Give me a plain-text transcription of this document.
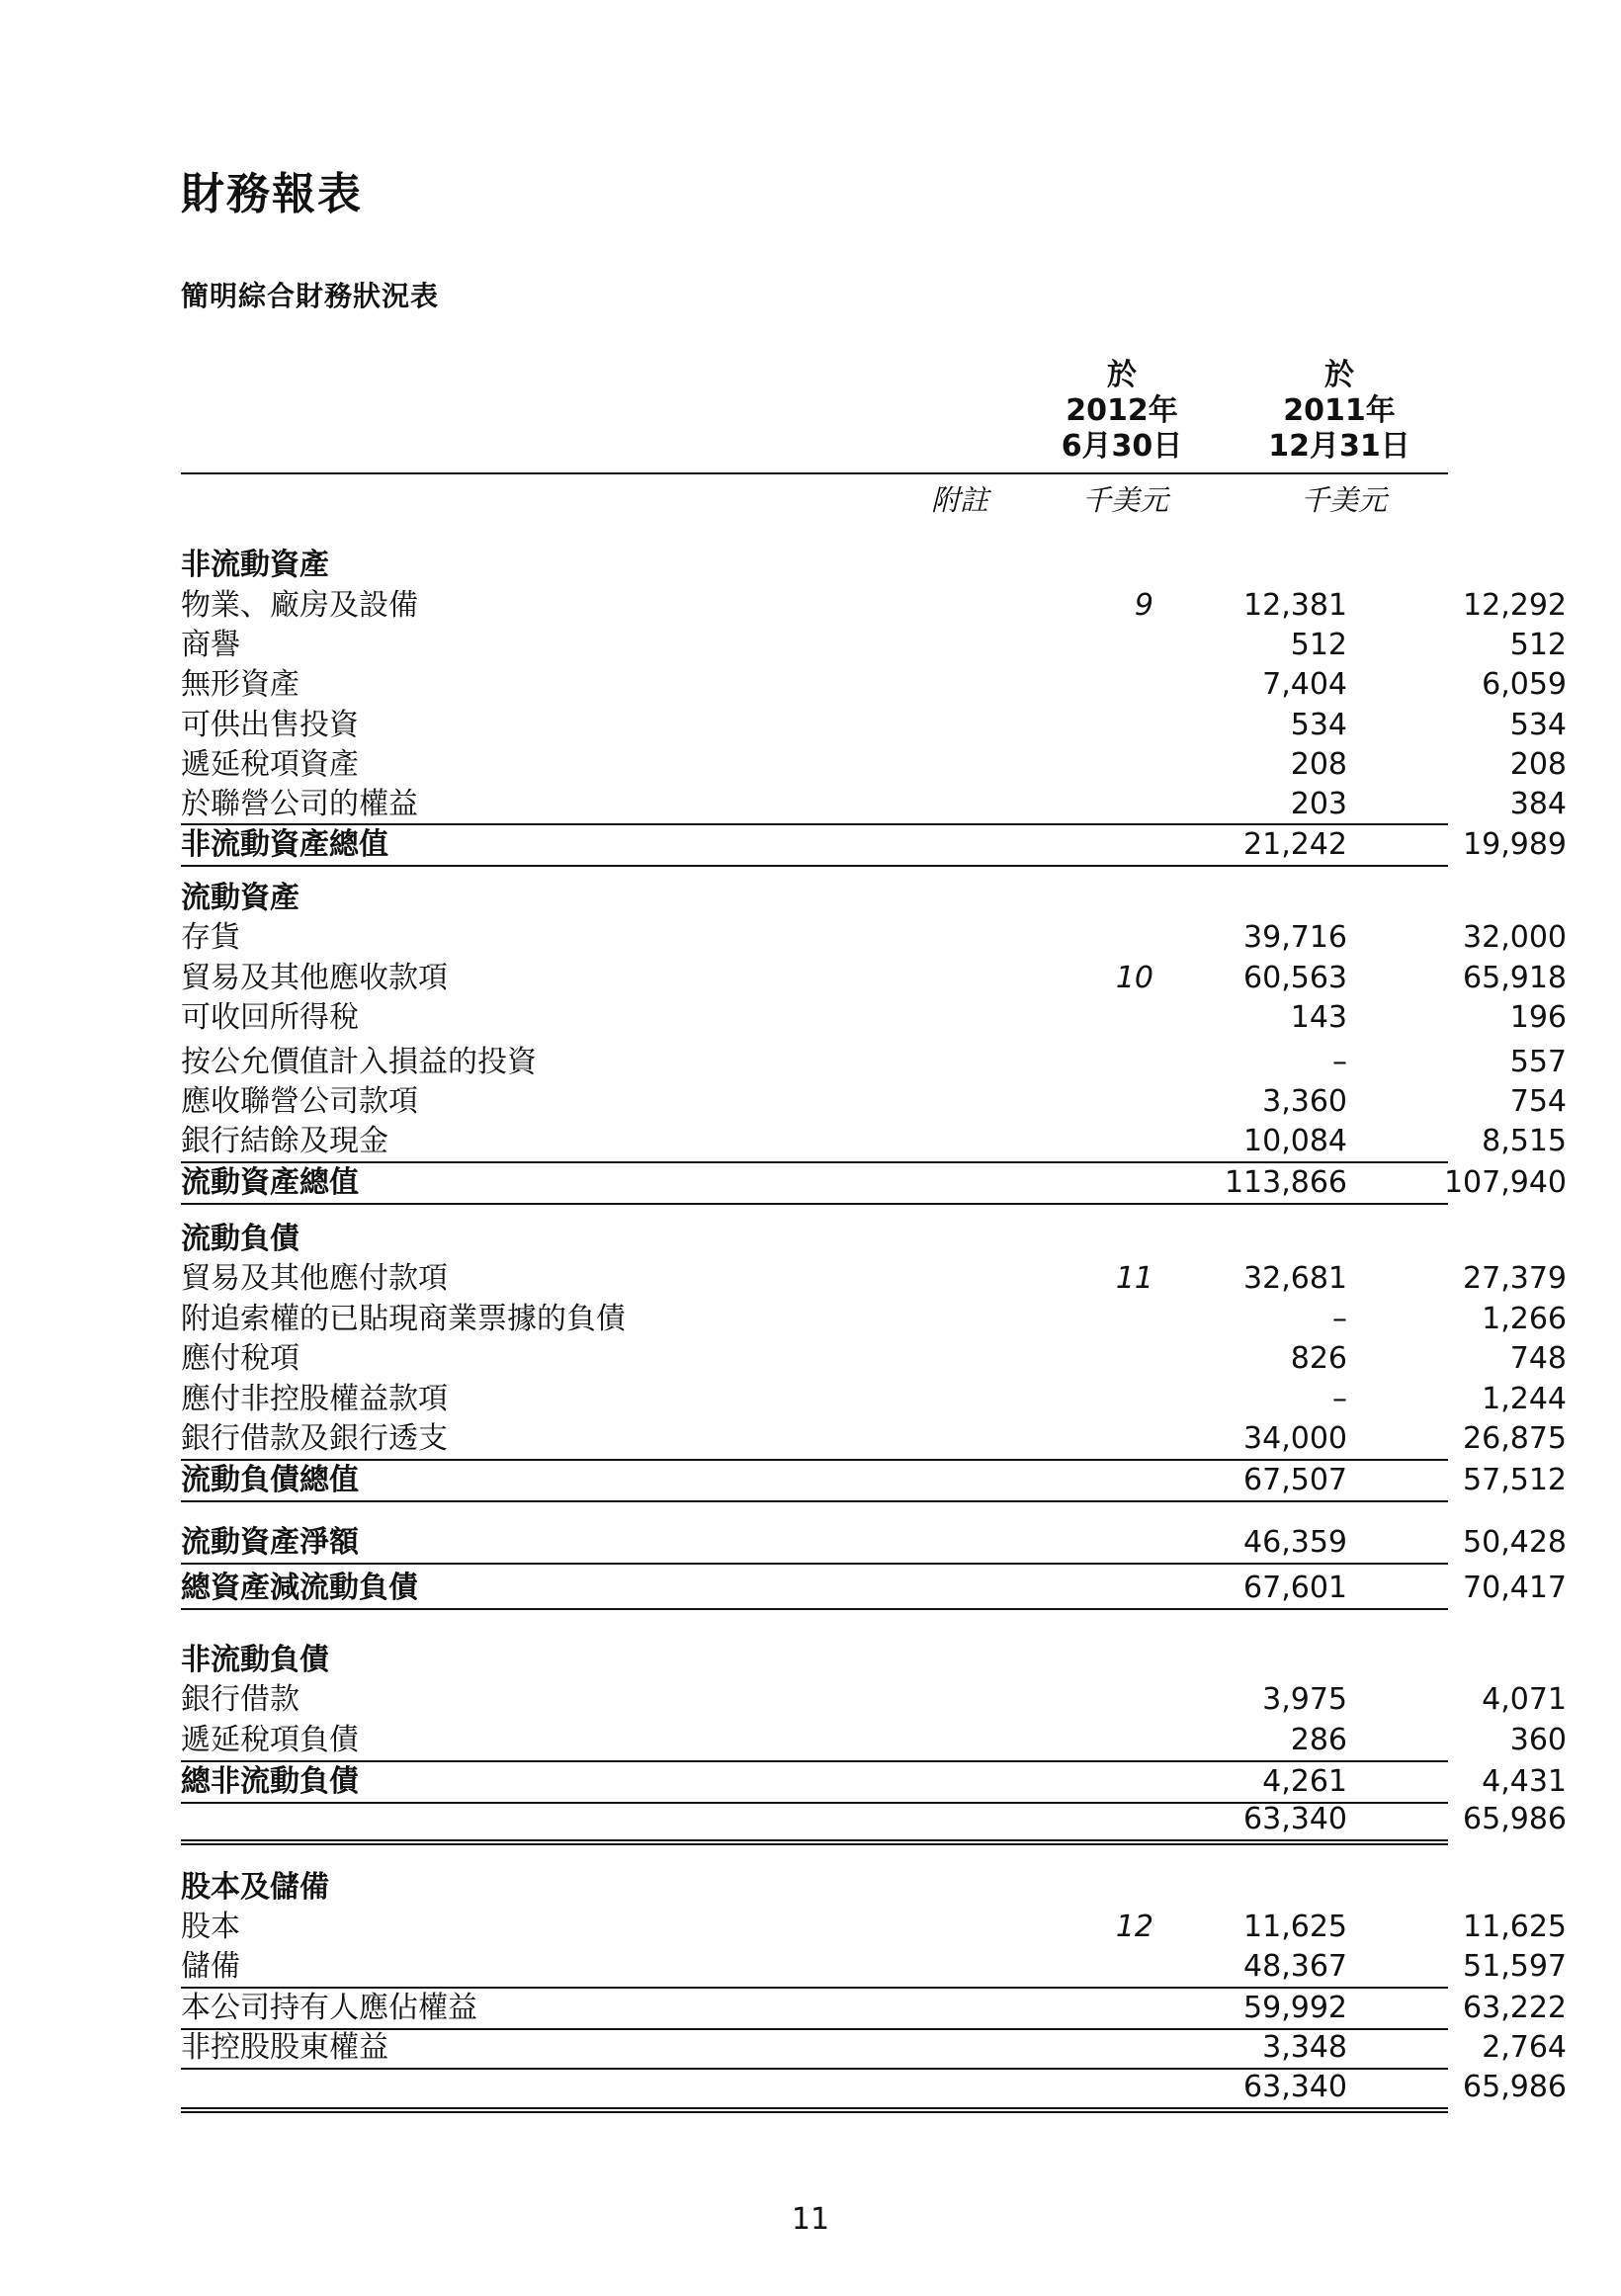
財務報表
簡明綜合財務狀況表
於
2012年
6月30日
於
2011年
12月31日
附註	千美元	千美元
非流動資產
物業、廠房及設備	9	12,381	12,292
商譽	512	512
無形資產	7,404	6,059
可供出售投資	534	534
遞延稅項資產	208	208
於聯營公司的權益	203	384
非流動資產總值	21,242	19,989
流動資產
存貨	39,716	32,000
貿易及其他應收款項	10	60,563	65,918
可收回所得稅	143	196
按公允價值計入損益的投資	–	557
應收聯營公司款項	3,360	754
銀行結餘及現金	10,084	8,515
流動資產總值	113,866	107,940
流動負債
貿易及其他應付款項	11	32,681	27,379
附追索權的已貼現商業票據的負債	–	1,266
應付稅項	826	748
應付非控股權益款項	–	1,244
銀行借款及銀行透支	34,000	26,875
流動負債總值	67,507	57,512
流動資產淨額	46,359	50,428
總資產減流動負債	67,601	70,417
非流動負債
銀行借款	3,975	4,071
遞延稅項負債	286	360
總非流動負債	4,261	4,431
63,340	65,986
股本及儲備
股本	12	11,625	11,625
儲備	48,367	51,597
本公司持有人應佔權益	59,992	63,222
非控股股東權益	3,348	2,764
63,340	65,986
11
